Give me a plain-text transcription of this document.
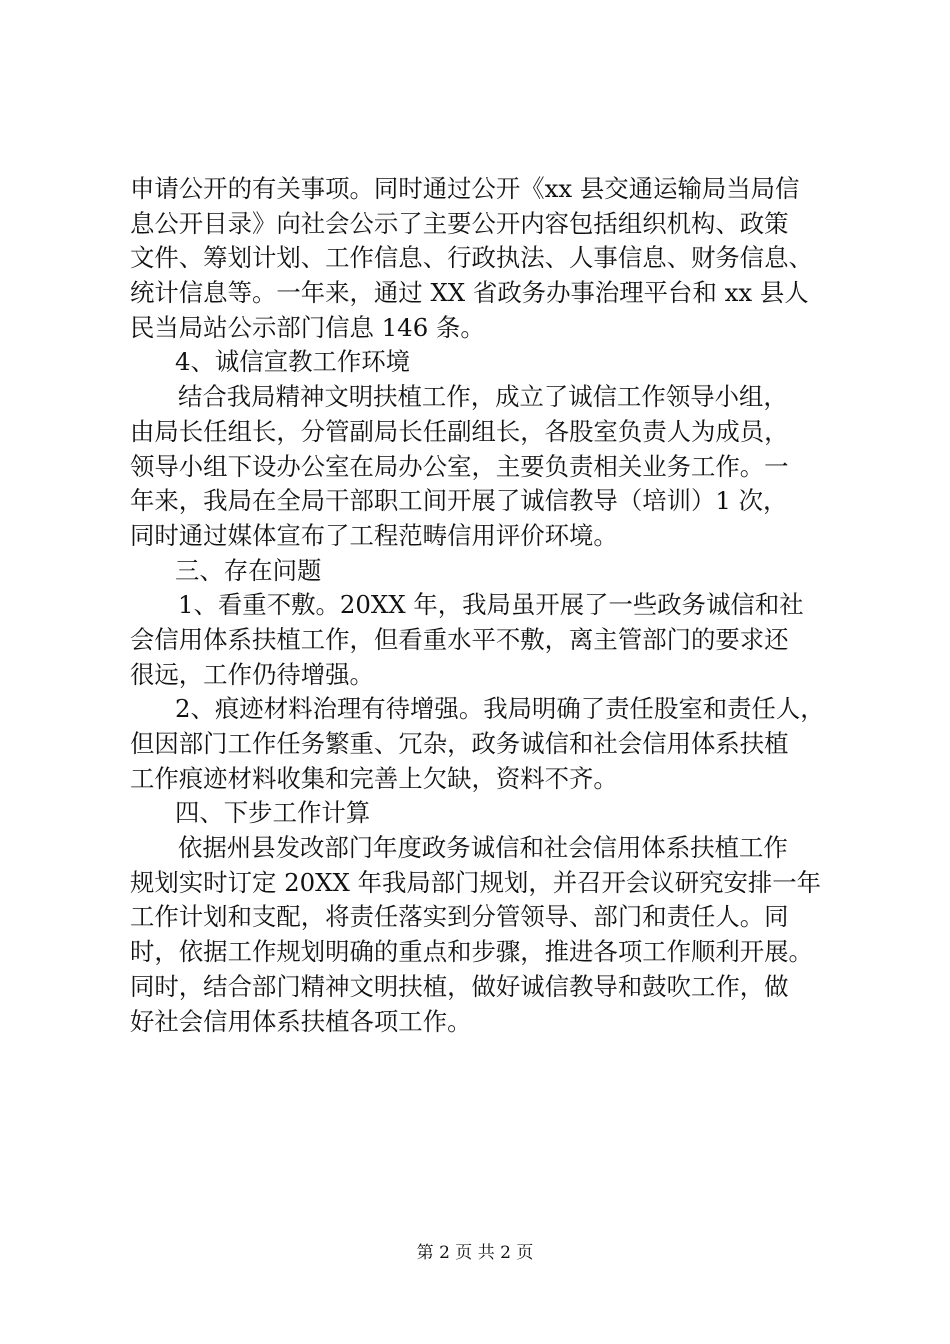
申请公开的有关事项。同时通过公开《xx 县交通运输局当局信
息公开目录》向社会公示了主要公开内容包括组织机构、政策
文件、筹划计划、工作信息、行政执法、人事信息、财务信息、
统计信息等。一年来，通过 XX 省政务办事治理平台和 xx 县人
民当局站公示部门信息 146 条。
4、诚信宣教工作环境
结合我局精神文明扶植工作，成立了诚信工作领导小组，
由局长任组长，分管副局长任副组长，各股室负责人为成员，
领导小组下设办公室在局办公室，主要负责相关业务工作。一
年来，我局在全局干部职工间开展了诚信教导（培训）1 次，
同时通过媒体宣布了工程范畴信用评价环境。
三、存在问题
1、看重不敷。20XX 年，我局虽开展了一些政务诚信和社
会信用体系扶植工作，但看重水平不敷，离主管部门的要求还
很远，工作仍待增强。
2、痕迹材料治理有待增强。我局明确了责任股室和责任人，
但因部门工作任务繁重、冗杂，政务诚信和社会信用体系扶植
工作痕迹材料收集和完善上欠缺，资料不齐。
四、下步工作计算
依据州县发改部门年度政务诚信和社会信用体系扶植工作
规划实时订定 20XX 年我局部门规划，并召开会议研究安排一年
工作计划和支配，将责任落实到分管领导、部门和责任人。同
时，依据工作规划明确的重点和步骤，推进各项工作顺利开展。
同时，结合部门精神文明扶植，做好诚信教导和鼓吹工作，做
好社会信用体系扶植各项工作。
第 2 页 共 2 页
